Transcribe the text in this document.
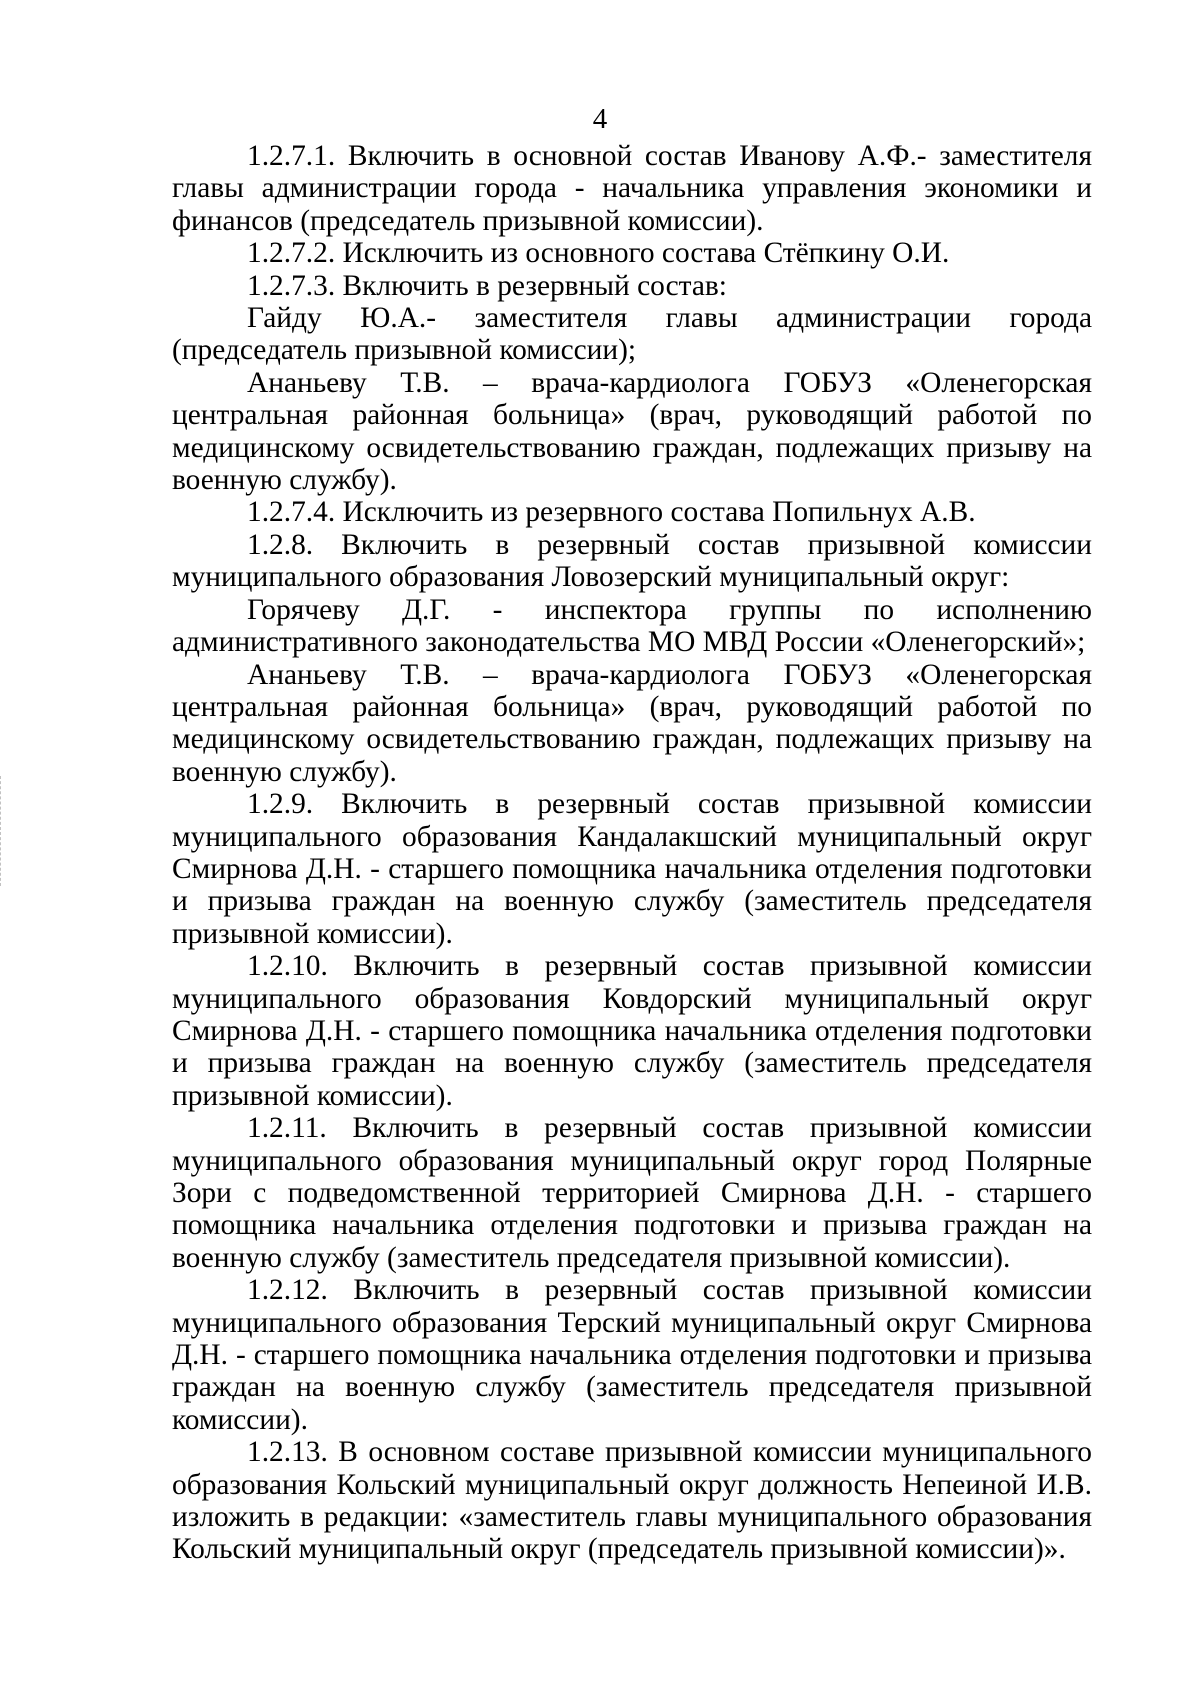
4

1.2.7.1. Включить в основной состав Иванову А.Ф.- заместителя главы администрации города - начальника управления экономики и финансов (председатель призывной комиссии).

1.2.7.2. Исключить из основного состава Стёпкину О.И.

1.2.7.3. Включить в резервный состав:

Гайду Ю.А.- заместителя главы администрации города (председатель призывной комиссии);

Ананьеву Т.В. – врача-кардиолога ГОБУЗ «Оленегорская центральная районная больница» (врач, руководящий работой по медицинскому освидетельствованию граждан, подлежащих призыву на военную службу).

1.2.7.4. Исключить из резервного состава Попильнух А.В.

1.2.8. Включить в резервный состав призывной комиссии муниципального образования Ловозерский муниципальный округ:

Горячеву Д.Г. - инспектора группы по исполнению административного законодательства МО МВД России «Оленегорский»;

Ананьеву Т.В. – врача-кардиолога ГОБУЗ «Оленегорская центральная районная больница» (врач, руководящий работой по медицинскому освидетельствованию граждан, подлежащих призыву на военную службу).

1.2.9. Включить в резервный состав призывной комиссии муниципального образования Кандалакшский муниципальный округ Смирнова Д.Н. - старшего помощника начальника отделения подготовки и призыва граждан на военную службу (заместитель председателя призывной комиссии).

1.2.10. Включить в резервный состав призывной комиссии муниципального образования Ковдорский муниципальный округ Смирнова Д.Н. - старшего помощника начальника отделения подготовки и призыва граждан на военную службу (заместитель председателя призывной комиссии).

1.2.11. Включить в резервный состав призывной комиссии муниципального образования муниципальный округ город Полярные Зори с подведомственной территорией Смирнова Д.Н. - старшего помощника начальника отделения подготовки и призыва граждан на военную службу (заместитель председателя призывной комиссии).

1.2.12. Включить в резервный состав призывной комиссии муниципального образования Терский муниципальный округ Смирнова Д.Н. - старшего помощника начальника отделения подготовки и призыва граждан на военную службу (заместитель председателя призывной комиссии).

1.2.13. В основном составе призывной комиссии муниципального образования Кольский муниципальный округ должность Непеиной И.В. изложить в редакции: «заместитель главы муниципального образования Кольский муниципальный округ (председатель призывной комиссии)».
